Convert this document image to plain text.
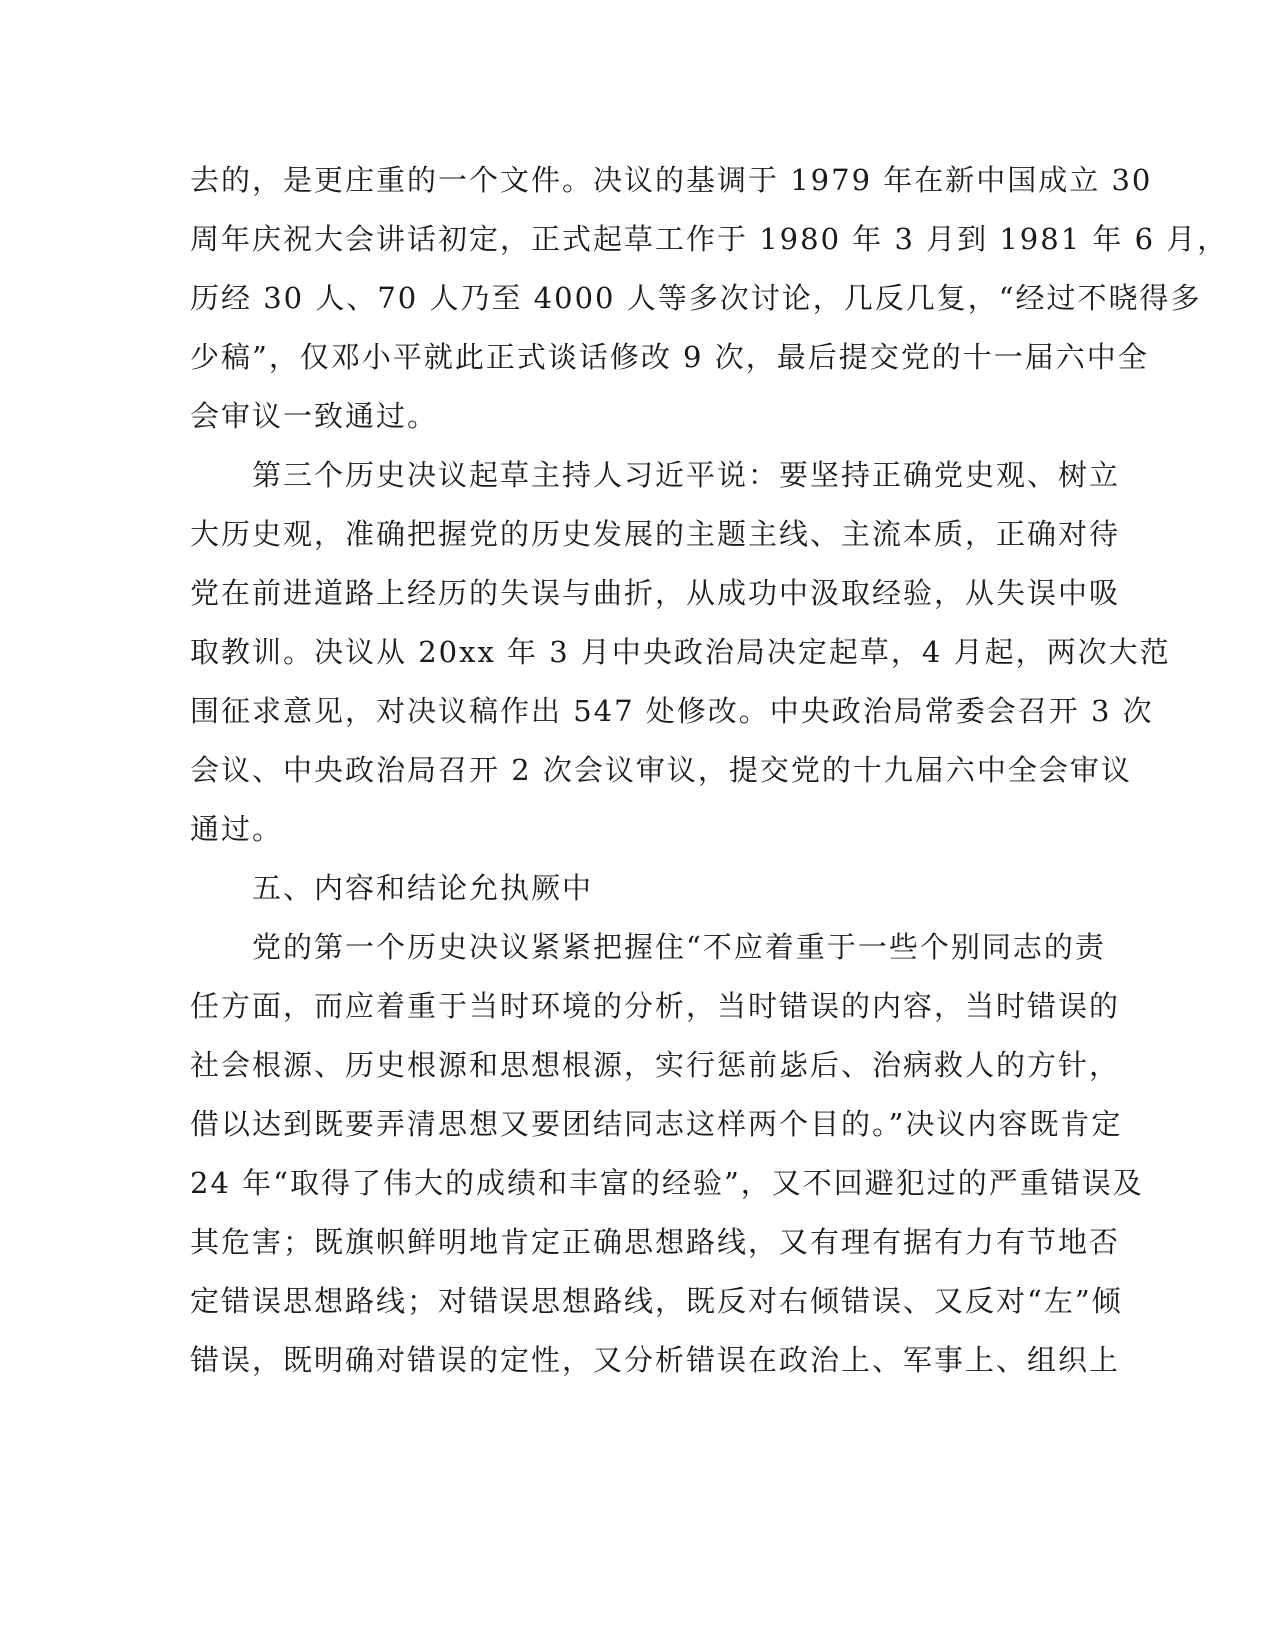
去的，是更庄重的一个文件。决议的基调于 1979 年在新中国成立 30
周年庆祝大会讲话初定，正式起草工作于 1980 年 3 月到 1981 年 6 月，
历经 30 人、70 人乃至 4000 人等多次讨论，几反几复，“经过不晓得多
少稿”，仅邓小平就此正式谈话修改 9 次，最后提交党的十一届六中全
会审议一致通过。
　　第三个历史决议起草主持人习近平说：要坚持正确党史观、树立
大历史观，准确把握党的历史发展的主题主线、主流本质，正确对待
党在前进道路上经历的失误与曲折，从成功中汲取经验，从失误中吸
取教训。决议从 20xx 年 3 月中央政治局决定起草，4 月起，两次大范
围征求意见，对决议稿作出 547 处修改。中央政治局常委会召开 3 次
会议、中央政治局召开 2 次会议审议，提交党的十九届六中全会审议
通过。
　　五、内容和结论允执厥中
　　党的第一个历史决议紧紧把握住“不应着重于一些个别同志的责
任方面，而应着重于当时环境的分析，当时错误的内容，当时错误的
社会根源、历史根源和思想根源，实行惩前毖后、治病救人的方针，
借以达到既要弄清思想又要团结同志这样两个目的。”决议内容既肯定
24 年“取得了伟大的成绩和丰富的经验”，又不回避犯过的严重错误及
其危害；既旗帜鲜明地肯定正确思想路线，又有理有据有力有节地否
定错误思想路线；对错误思想路线，既反对右倾错误、又反对“左”倾
错误，既明确对错误的定性，又分析错误在政治上、军事上、组织上
